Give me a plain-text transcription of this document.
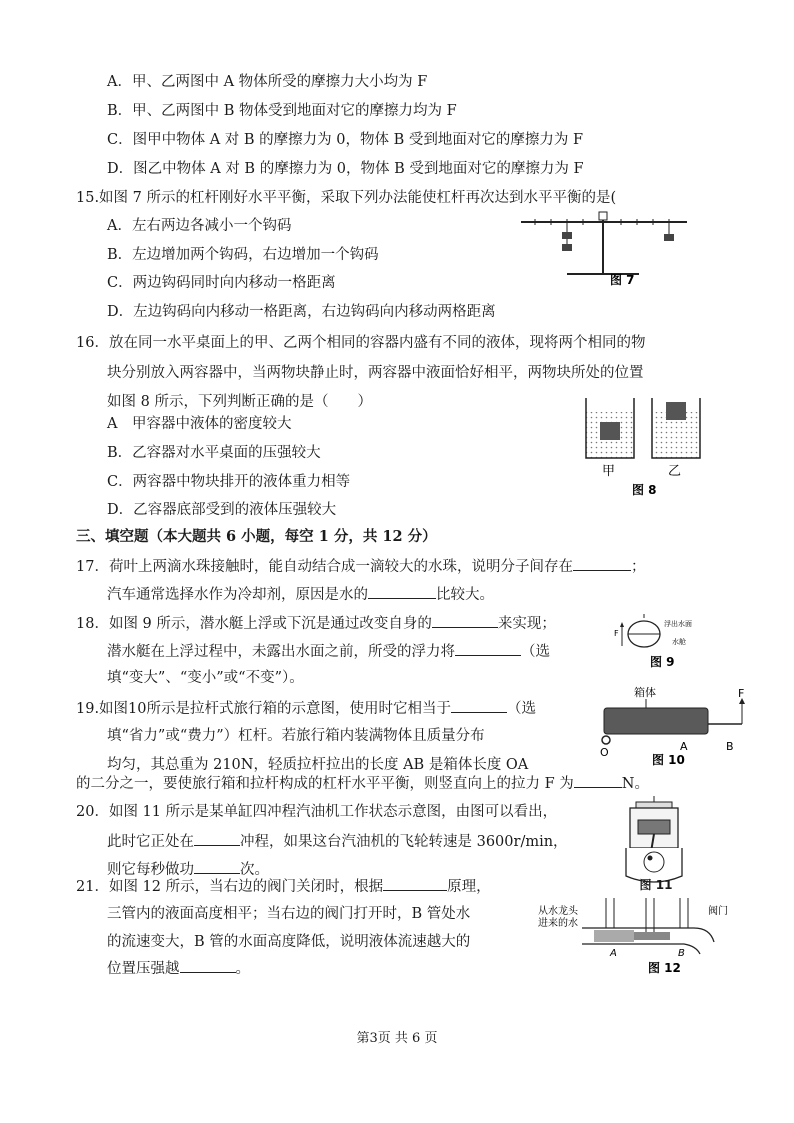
A．甲、乙两图中 A 物体所受的摩擦力大小均为 F
B．甲、乙两图中 B 物体受到地面对它的摩擦力均为 F
C．图甲中物体 A 对 B 的摩擦力为 0，物体 B 受到地面对它的摩擦力为 F
D．图乙中物体 A 对 B 的摩擦力为 0，物体 B 受到地面对它的摩擦力为 F
15.如图 7 所示的杠杆刚好水平平衡，采取下列办法能使杠杆再次达到水平平衡的是(
A．左右两边各减小一个钩码
B．左边增加两个钩码，右边增加一个钩码
C．两边钩码同时向内移动一格距离
D．左边钩码向内移动一格距离，右边钩码向内移动两格距离
图 7
16．放在同一水平桌面上的甲、乙两个相同的容器内盛有不同的液体，现将两个相同的物
块分别放入两容器中，当两物块静止时，两容器中液面恰好相平，两物块所处的位置
如图 8 所示，下列判断正确的是（　　）
A　甲容器中液体的密度较大
B．乙容器对水平桌面的压强较大
C．两容器中物块排开的液体重力相等
D．乙容器底部受到的液体压强较大
甲	乙
图 8
三、填空题（本大题共 6 小题，每空 1 分，共 12 分）
17．荷叶上两滴水珠接触时，能自动结合成一滴较大的水珠，说明分子间存在	；
汽车通常选择水作为冷却剂，原因是水的	比较大。
18．如图 9 所示，潜水艇上浮或下沉是通过改变自身的	来实现；
潜水艇在上浮过程中，未露出水面之前，所受的浮力将	（选
填“变大”、“变小”或“不变”）。
F
浮出水面
水舱
图 9
19.如图10所示是拉杆式旅行箱的示意图，使用时它相当于	（选
填“省力”或“费力”）杠杆。若旅行箱内装满物体且质量分布
均匀，其总重为 210N，轻质拉杆拉出的长度 AB 是箱体长度 OA
的二分之一，要使旅行箱和拉杆构成的杠杆水平平衡，则竖直向上的拉力 F 为	N。
箱体	F
O	A	B
图 10
20．如图 11 所示是某单缸四冲程汽油机工作状态示意图，由图可以看出，
此时它正处在	冲程，如果这台汽油机的飞轮转速是 3600r/min，
则它每秒做功	次。
图 11
21．如图 12 所示，当右边的阀门关闭时，根据	原理，
三管内的液面高度相平；当右边的阀门打开时，B 管处水
的流速变大，B 管的水面高度降低，说明液体流速越大的
位置压强越	。
从水龙头
进来的水
阀门
A	B
图 12
第3页 共 6 页
